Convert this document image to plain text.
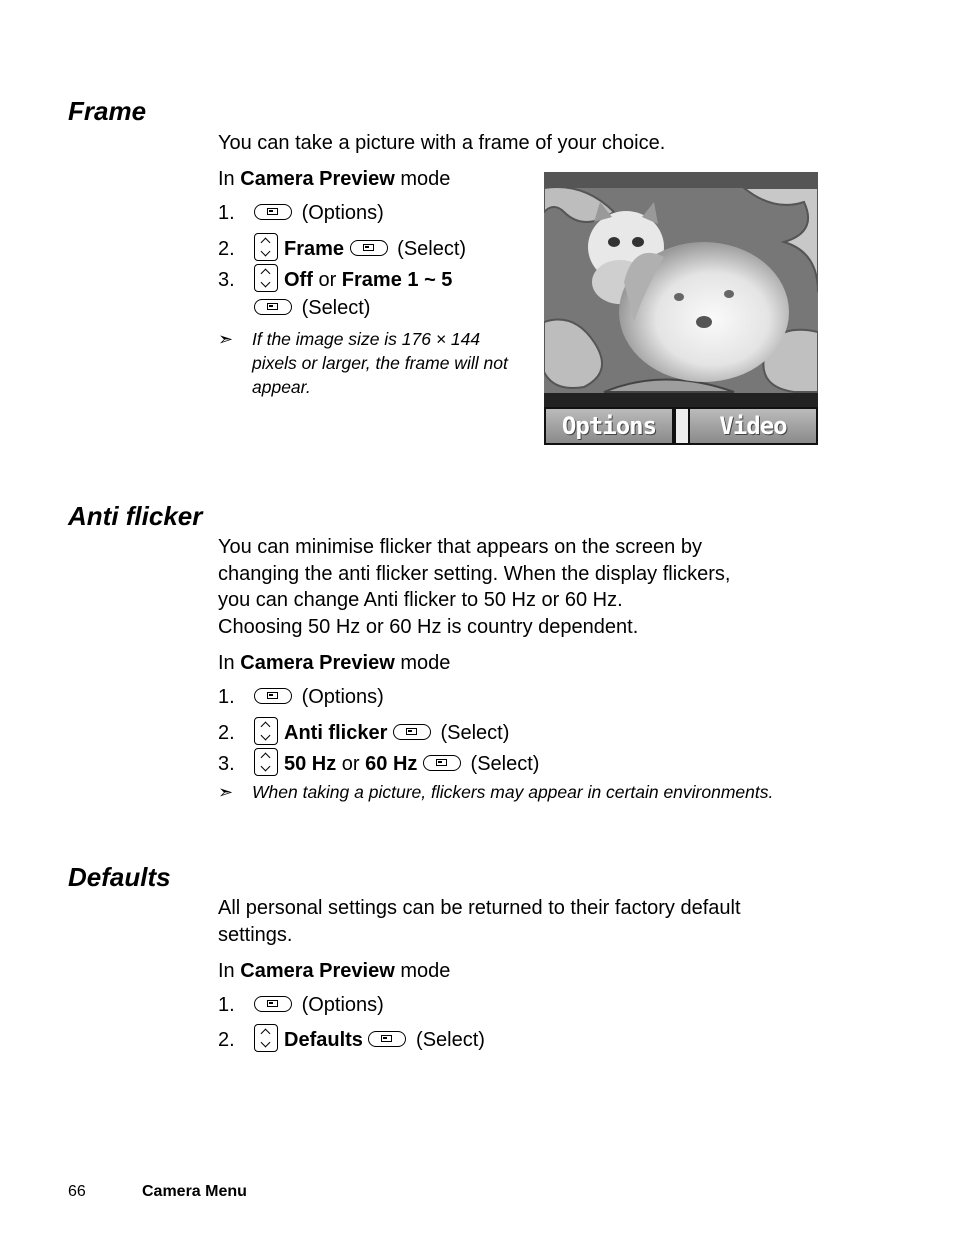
Frame

You can take a picture with a frame of your choice.

In Camera Preview mode
1.	(Options)
2. Frame	(Select)
3. Off or Frame 1 ~ 5
(Select)
➣ If the image size is 176 × 144
pixels or larger, the frame will not
appear.
Options	Video
Anti flicker
You can minimise flicker that appears on the screen by
changing the anti flicker setting. When the display flickers,
you can change Anti flicker to 50 Hz or 60 Hz.
Choosing 50 Hz or 60 Hz is country dependent.
In Camera Preview mode
1.	(Options)
2. Anti flicker	(Select)
3. 50 Hz or 60 Hz	(Select)
➣ When taking a picture, flickers may appear in certain environments.
Defaults
All personal settings can be returned to their factory default
settings.
In Camera Preview mode
1.	(Options)
2. Defaults	(Select)
66	Camera Menu
